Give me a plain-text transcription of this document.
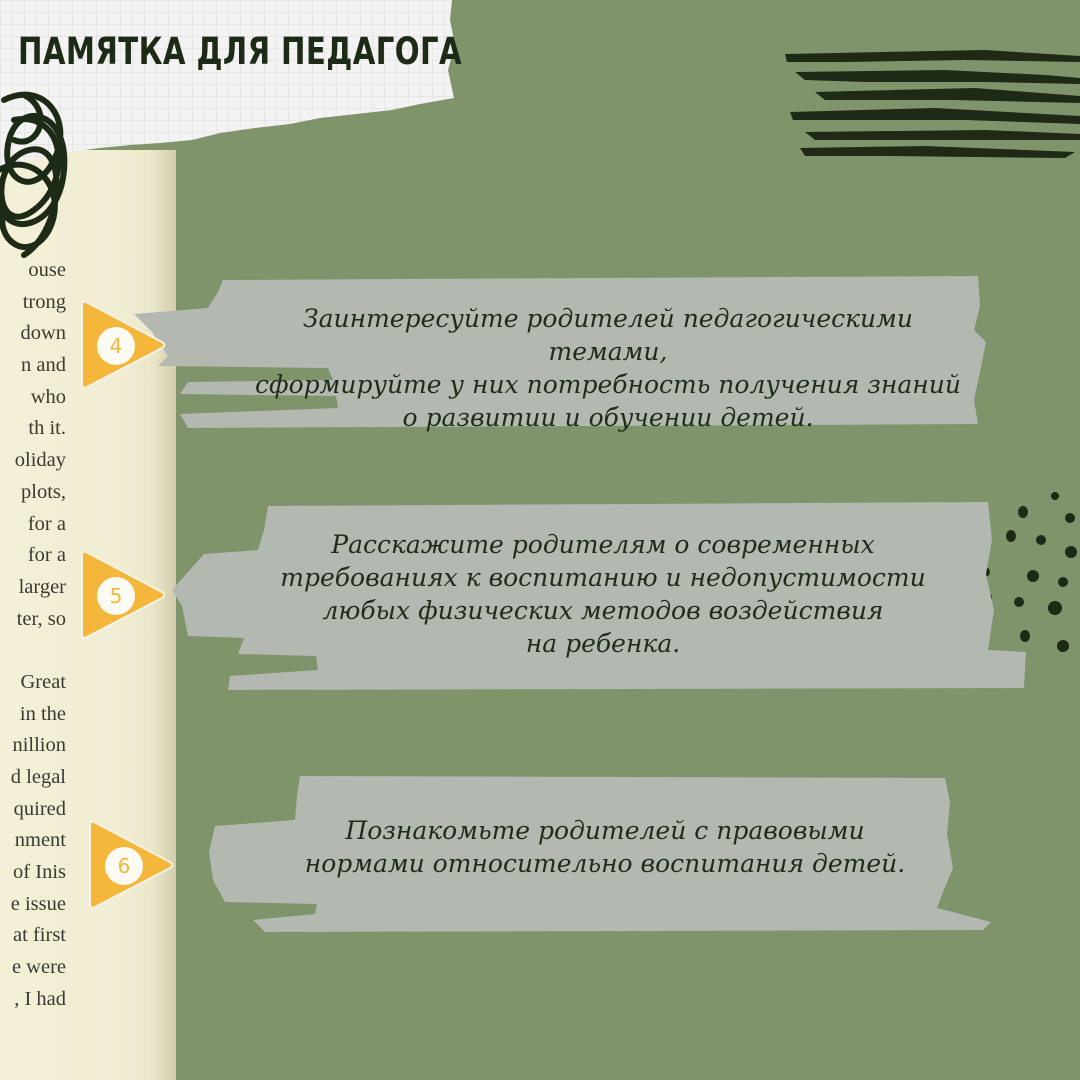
ouse
trong
down
n and
who
th it.
oliday
plots,
for a
for a
larger
ter, so
Great
in the
nillion
d legal
quired
nment
of Inis
e issue
at first
e were
, I had
ПАМЯТКА ДЛЯ ПЕДАГОГА
Заинтересуйте родителей педагогическими темами,
сформируйте у них потребность получения знаний
о развитии и обучении детей.
Расскажите родителям о современных
требованиях к воспитанию и недопустимости
любых физических методов воздействия
на ребенка.
Познакомьте родителей с правовыми
нормами относительно воспитания детей.
4
5
6
